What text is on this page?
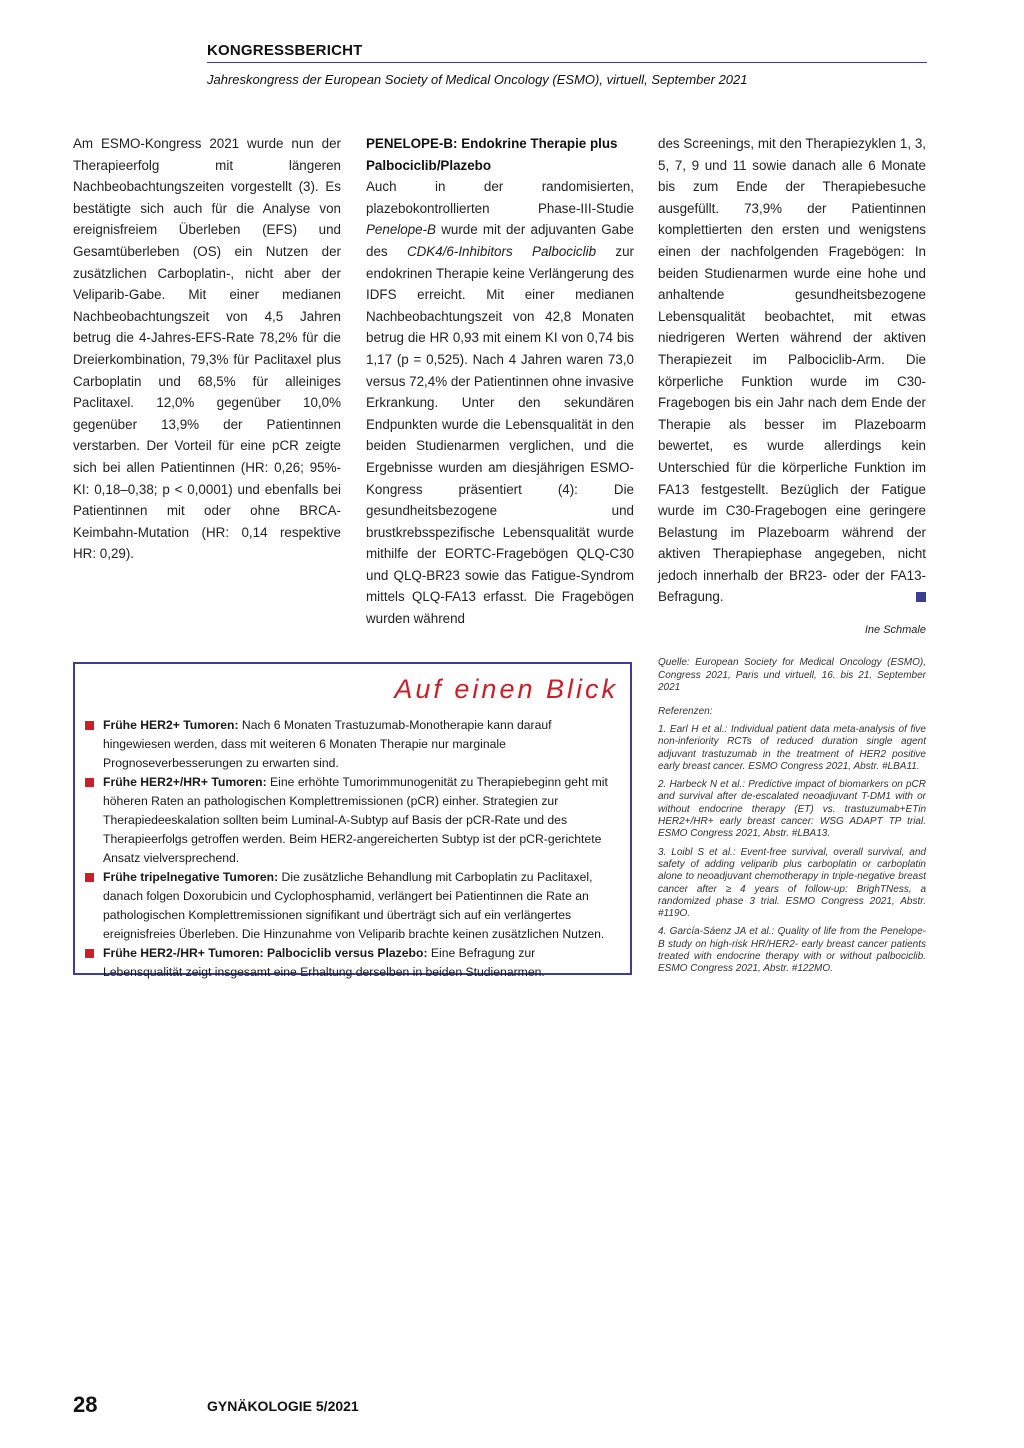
KONGRESSBERICHT
Jahreskongress der European Society of Medical Oncology (ESMO), virtuell, September 2021

Am ESMO-Kongress 2021 wurde nun der Therapieerfolg mit längeren Nachbeobachtungszeiten vorgestellt (3). Es bestätigte sich auch für die Analyse von ereignisfreiem Überleben (EFS) und Gesamtüberleben (OS) ein Nutzen der zusätzlichen Carboplatin-, nicht aber der Veliparib-Gabe. Mit einer medianen Nachbeobachtungszeit von 4,5 Jahren betrug die 4-Jahres-EFS-Rate 78,2% für die Dreierkombination, 79,3% für Paclitaxel plus Carboplatin und 68,5% für alleiniges Paclitaxel. 12,0% gegenüber 10,0% gegenüber 13,9% der Patientinnen verstarben. Der Vorteil für eine pCR zeigte sich bei allen Patientinnen (HR: 0,26; 95%-KI: 0,18–0,38; p < 0,0001) und ebenfalls bei Patientinnen mit oder ohne BRCA-Keimbahn-Mutation (HR: 0,14 respektive HR: 0,29).

PENELOPE-B: Endokrine Therapie plus Palbociclib/Plazebo

Auch in der randomisierten, plazebokontrollierten Phase-III-Studie Penelope-B wurde mit der adjuvanten Gabe des CDK4/6-Inhibitors Palbociclib zur endokrinen Therapie keine Verlängerung des IDFS erreicht. Mit einer medianen Nachbeobachtungszeit von 42,8 Monaten betrug die HR 0,93 mit einem KI von 0,74 bis 1,17 (p = 0,525). Nach 4 Jahren waren 73,0 versus 72,4% der Patientinnen ohne invasive Erkrankung. Unter den sekundären Endpunkten wurde die Lebensqualität in den beiden Studienarmen verglichen, und die Ergebnisse wurden am diesjährigen ESMO-Kongress präsentiert (4): Die gesundheitsbezogene und brustkrebsspezifische Lebensqualität wurde mithilfe der EORTC-Fragebögen QLQ-C30 und QLQ-BR23 sowie das Fatigue-Syndrom mittels QLQ-FA13 erfasst. Die Fragebögen wurden während

des Screenings, mit den Therapiezyklen 1, 3, 5, 7, 9 und 11 sowie danach alle 6 Monate bis zum Ende der Therapiebesuche ausgefüllt. 73,9% der Patientinnen komplettierten den ersten und wenigstens einen der nachfolgenden Fragebögen: In beiden Studienarmen wurde eine hohe und anhaltende gesundheitsbezogene Lebensqualität beobachtet, mit etwas niedrigeren Werten während der aktiven Therapiezeit im Palbociclib-Arm. Die körperliche Funktion wurde im C30-Fragebogen bis ein Jahr nach dem Ende der Therapie als besser im Plazeboarm bewertet, es wurde allerdings kein Unterschied für die körperliche Funktion im FA13 festgestellt. Bezüglich der Fatigue wurde im C30-Fragebogen eine geringere Belastung im Plazeboarm während der aktiven Therapiephase angegeben, nicht jedoch innerhalb der BR23- oder der FA13-Befragung.

Ine Schmale
Quelle: European Society for Medical Oncology (ESMO), Congress 2021, Paris und virtuell, 16. bis 21. September 2021
Referenzen:
1. Earl H et al.: Individual patient data meta-analysis of five non-inferiority RCTs of reduced duration single agent adjuvant trastuzumab in the treatment of HER2 positive early breast cancer. ESMO Congress 2021, Abstr. #LBA11.
2. Harbeck N et al.: Predictive impact of biomarkers on pCR and survival after de-escalated neoadjuvant T-DM1 with or without endocrine therapy (ET) vs. trastuzumab+ETin HER2+/HR+ early breast cancer: WSG ADAPT TP trial. ESMO Congress 2021, Abstr. #LBA13.
3. Loibl S et al.: Event-free survival, overall survival, and safety of adding veliparib plus carboplatin or carboplatin alone to neoadjuvant chemotherapy in triple-negative breast cancer after ≥ 4 years of follow-up: BrighTNess, a randomized phase 3 trial. ESMO Congress 2021, Abstr. #119O.
4. García-Sáenz JA et al.: Quality of life from the Penelope-B study on high-risk HR/HER2- early breast cancer patients treated with endocrine therapy with or without palbociclib. ESMO Congress 2021, Abstr. #122MO.
Auf einen Blick
Frühe HER2+ Tumoren: Nach 6 Monaten Trastuzumab-Monotherapie kann darauf hingewiesen werden, dass mit weiteren 6 Monaten Therapie nur marginale Prognoseverbesserungen zu erwarten sind.
Frühe HER2+/HR+ Tumoren: Eine erhöhte Tumorimmunogenität zu Therapiebeginn geht mit höheren Raten an pathologischen Komplettremissionen (pCR) einher. Strategien zur Therapiedeeskalation sollten beim Luminal-A-Subtyp auf Basis der pCR-Rate und des Therapieerfolgs getroffen werden. Beim HER2-angereicherten Subtyp ist der pCR-gerichtete Ansatz vielversprechend.
Frühe tripelnegative Tumoren: Die zusätzliche Behandlung mit Carboplatin zu Paclitaxel, danach folgen Doxorubicin und Cyclophosphamid, verlängert bei Patientinnen die Rate an pathologischen Komplettremissionen signifikant und überträgt sich auf ein verlängertes ereignisfreies Überleben. Die Hinzunahme von Veliparib brachte keinen zusätzlichen Nutzen.
Frühe HER2-/HR+ Tumoren: Palbociclib versus Plazebo: Eine Befragung zur Lebensqualität zeigt insgesamt eine Erhaltung derselben in beiden Studienarmen.
28	GYNÄKOLOGIE 5/2021
